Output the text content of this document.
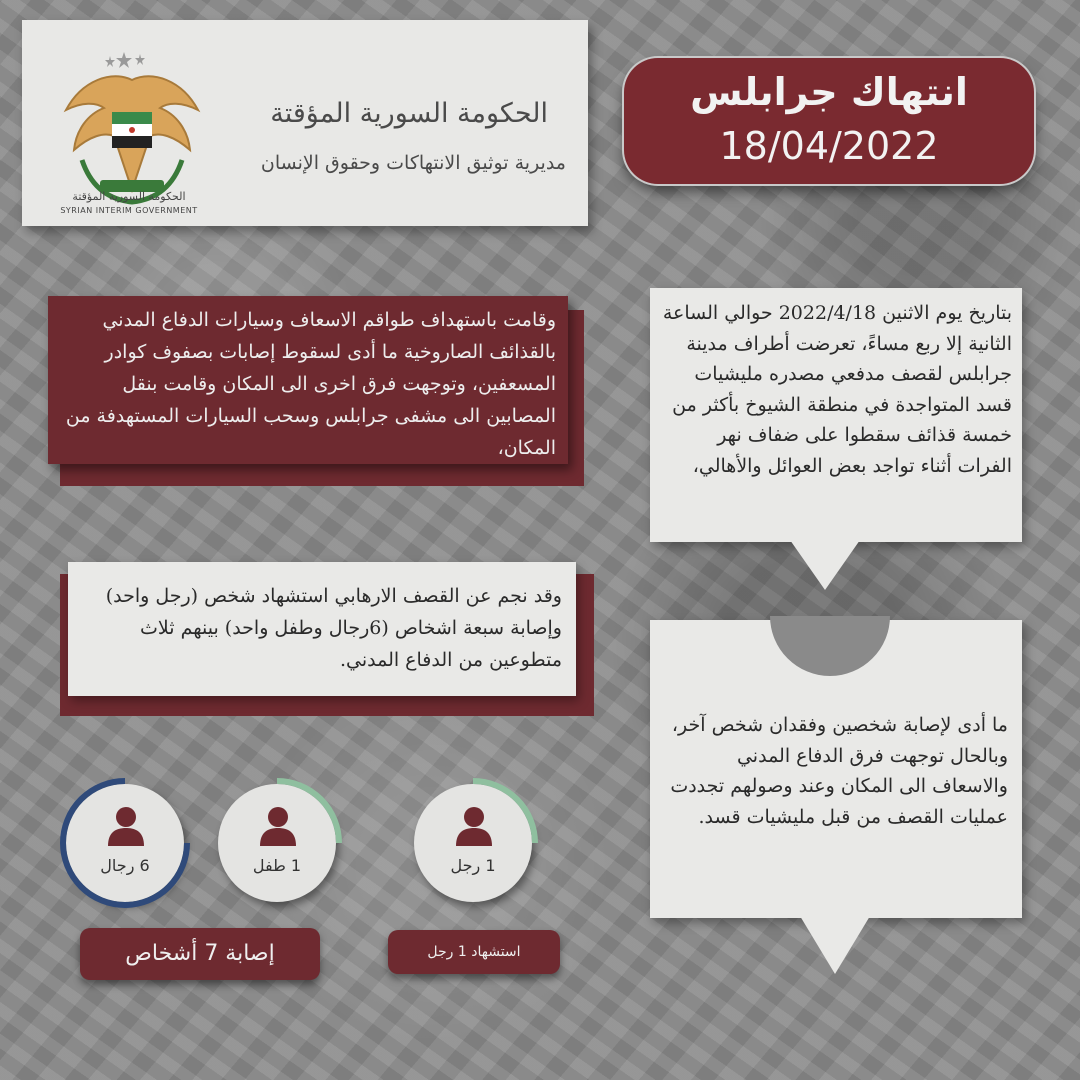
الحكومة السورية المؤقتة
SYRIAN INTERIM GOVERNMENT
الحكومة السورية المؤقتة
مديرية توثيق الانتهاكات وحقوق الإنسان
انتهاك جرابلس
18/04/2022
بتاريخ يوم الاثنين 2022/4/18 حوالي الساعة الثانية إلا ربع مساءً، تعرضت أطراف مدينة جرابلس لقصف مدفعي مصدره مليشيات قسد المتواجدة في منطقة الشيوخ بأكثر من خمسة قذائف سقطوا على ضفاف نهر الفرات أثناء تواجد بعض العوائل والأهالي،
وقامت باستهداف طواقم الاسعاف وسيارات الدفاع المدني بالقذائف الصاروخية ما أدى لسقوط إصابات بصفوف كوادر المسعفين، وتوجهت فرق اخرى الى المكان وقامت بنقل المصابين الى مشفى جرابلس وسحب السيارات المستهدفة من المكان،
وقد نجم عن القصف الارهابي استشهاد شخص (رجل واحد) وإصابة سبعة اشخاص (6رجال وطفل واحد) بينهم ثلاث متطوعين من الدفاع المدني.
ما أدى لإصابة شخصين وفقدان شخص آخر، وبالحال توجهت فرق الدفاع المدني والاسعاف الى المكان وعند وصولهم تجددت عمليات القصف من قبل مليشيات قسد.
1 رجل
1 طفل
6 رجال
إصابة 7 أشخاص	استشهاد 1 رجل
